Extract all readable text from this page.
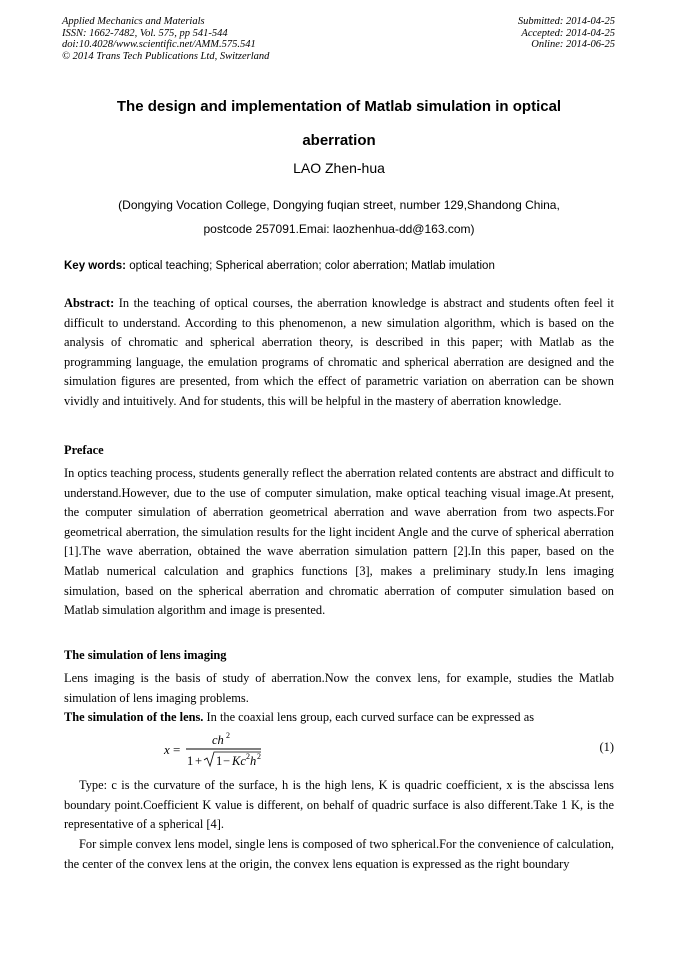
Applied Mechanics and Materials
ISSN: 1662-7482, Vol. 575, pp 541-544
doi:10.4028/www.scientific.net/AMM.575.541
© 2014 Trans Tech Publications Ltd, Switzerland
Submitted: 2014-04-25
Accepted: 2014-04-25
Online: 2014-06-25
The design and implementation of Matlab simulation in optical
aberration
LAO Zhen-hua
(Dongying Vocation College, Dongying fuqian street, number 129,Shandong China,
postcode 257091.Emai: laozhenhua-dd@163.com)
Key words: optical teaching; Spherical aberration; color aberration; Matlab imulation
Abstract: In the teaching of optical courses, the aberration knowledge is abstract and students often feel it difficult to understand. According to this phenomenon, a new simulation algorithm, which is based on the analysis of chromatic and spherical aberration theory, is described in this paper; with Matlab as the programming language, the emulation programs of chromatic and spherical aberration are designed and the simulation figures are presented, from which the effect of parametric variation on aberration can be shown vividly and intuitively. And for students, this will be helpful in the mastery of aberration knowledge.
Preface
In optics teaching process, students generally reflect the aberration related contents are abstract and difficult to understand.However, due to the use of computer simulation, make optical teaching visual image.At present, the computer simulation of aberration geometrical aberration and wave aberration from two aspects.For geometrical aberration, the simulation results for the light incident Angle and the curve of spherical aberration [1].The wave aberration, obtained the wave aberration simulation pattern [2].In this paper, based on the Matlab numerical calculation and graphics functions [3], makes a preliminary study.In lens imaging simulation, based on the spherical aberration and chromatic aberration of computer simulation based on Matlab simulation algorithm and image is presented.
The simulation of lens imaging
Lens imaging is the basis of study of aberration.Now the convex lens, for example, studies the Matlab simulation of lens imaging problems.
The simulation of the lens. In the coaxial lens group, each curved surface can be expressed as
x =
ch 2
1 + 1 − Kc 2 h 2
(1)
Type: c is the curvature of the surface, h is the high lens, K is quadric coefficient, x is the abscissa lens boundary point.Coefficient K value is different, on behalf of quadric surface is also different.Take 1 K, is the representative of a spherical [4].
For simple convex lens model, single lens is composed of two spherical.For the convenience of calculation, the center of the convex lens at the origin, the convex lens equation is expressed as the right boundary
